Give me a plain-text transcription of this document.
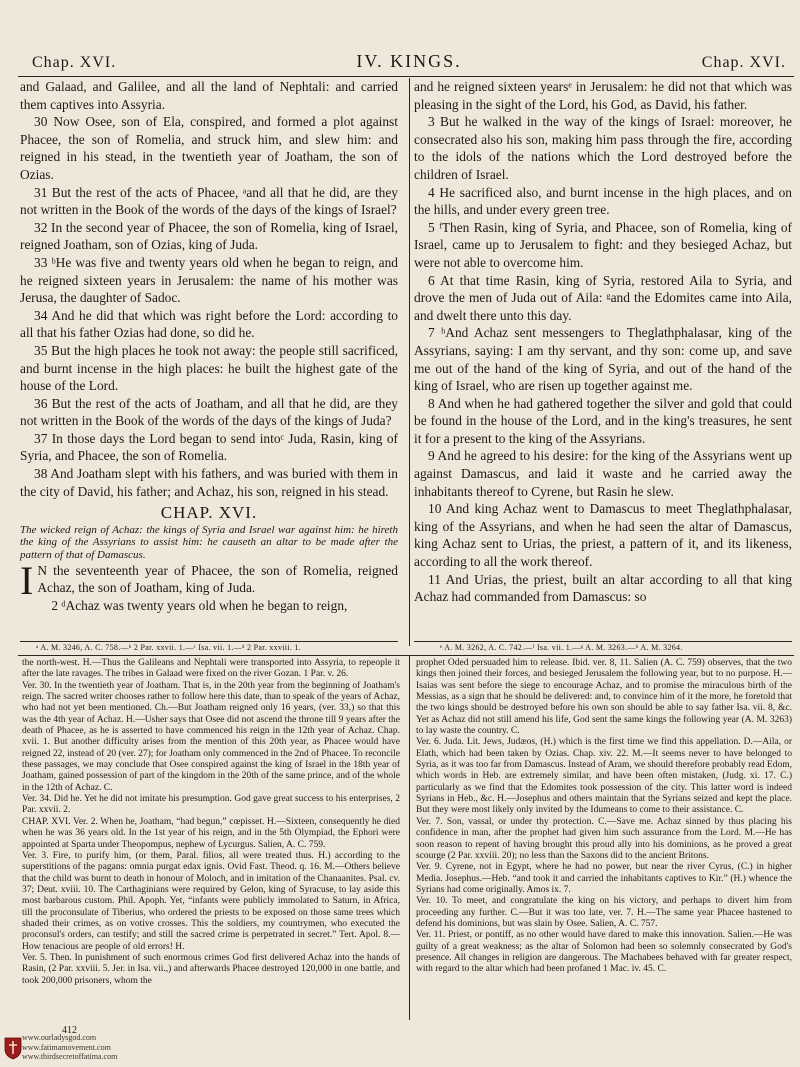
Chap. XVI.	IV. KINGS.	Chap. XVI.

and Galaad, and Galilee, and all the land of Nephtali: and carried them captives into Assyria.

30 Now Osee, son of Ela, conspired, and formed a plot against Phacee, the son of Romelia, and struck him, and slew him: and reigned in his stead, in the twentieth year of Joatham, the son of Ozias.

31 But the rest of the acts of Phacee, ᵃand all that he did, are they not written in the Book of the words of the days of the kings of Israel?

32 In the second year of Phacee, the son of Romelia, king of Israel, reigned Joatham, son of Ozias, king of Juda.

33 ᵇHe was five and twenty years old when he began to reign, and he reigned sixteen years in Jerusalem: the name of his mother was Jerusa, the daughter of Sadoc.

34 And he did that which was right before the Lord: according to all that his father Ozias had done, so did he.

35 But the high places he took not away: the people still sacrificed, and burnt incense in the high places: he built the highest gate of the house of the Lord.

36 But the rest of the acts of Joatham, and all that he did, are they not written in the Book of the words of the days of the kings of Juda?

37 In those days the Lord began to send intoᶜ Juda, Rasin, king of Syria, and Phacee, the son of Romelia.

38 And Joatham slept with his fathers, and was buried with them in the city of David, his father; and Achaz, his son, reigned in his stead.

CHAP. XVI.

The wicked reign of Achaz: the kings of Syria and Israel war against him: he hireth the king of the Assyrians to assist him: he causeth an altar to be made after the pattern of that of Damascus.

I N the seventeenth year of Phacee, the son of Romelia, reigned Achaz, the son of Joatham, king of Juda.

2 ᵈAchaz was twenty years old when he began to reign,

and he reigned sixteen yearsᵉ in Jerusalem: he did not that which was pleasing in the sight of the Lord, his God, as David, his father.

3 But he walked in the way of the kings of Israel: moreover, he consecrated also his son, making him pass through the fire, according to the idols of the nations which the Lord destroyed before the children of Israel.

4 He sacrificed also, and burnt incense in the high places, and on the hills, and under every green tree.

5 ᶠThen Rasin, king of Syria, and Phacee, son of Romelia, king of Israel, came up to Jerusalem to fight: and they besieged Achaz, but were not able to overcome him.

6 At that time Rasin, king of Syria, restored Aila to Syria, and drove the men of Juda out of Aila: ᵍand the Edomites came into Aila, and dwelt there unto this day.

7 ʰAnd Achaz sent messengers to Theglathphalasar, king of the Assyrians, saying: I am thy servant, and thy son: come up, and save me out of the hand of the king of Syria, and out of the hand of the king of Israel, who are risen up together against me.

8 And when he had gathered together the silver and gold that could be found in the house of the Lord, and in the king's treasures, he sent it for a present to the king of the Assyrians.

9 And he agreed to his desire: for the king of the Assyrians went up against Damascus, and laid it waste and he carried away the inhabitants thereof to Cyrene, but Rasin he slew.

10 And king Achaz went to Damascus to meet Theglathphalasar, king of the Assyrians, and when he had seen the altar of Damascus, king Achaz sent to Urias, the priest, a pattern of it, and its likeness, according to all the work thereof.

11 And Urias, the priest, built an altar according to all that king Achaz had commanded from Damascus: so

ᵃ A. M. 3246, A. C. 758.—ᵇ 2 Par. xxvii. 1.—ᶜ Isa. vii. 1.—ᵈ 2 Par. xxviii. 1.	ᵉ A. M. 3262, A. C. 742.—ᶠ Isa. vii. 1.—ᵍ A. M. 3263.—ʰ A. M. 3264.

the north-west. H.—Thus the Galileans and Nephtali were transported into Assyria, to repeople it after the late ravages. The tribes in Galaad were fixed on the river Gozan. 1 Par. v. 26.

Ver. 30. In the twentieth year of Joatham. That is, in the 20th year from the beginning of Joatham's reign. The sacred writer chooses rather to follow here this date, than to speak of the years of Achaz, who had not yet been mentioned. Ch.—But Joatham reigned only 16 years, (ver. 33,) so that this was the 4th year of Achaz. H.—Usher says that Osee did not ascend the throne till 9 years after the death of Phacee, as he is asserted to have commenced his reign in the 12th year of Achaz. Chap. xvii. 1. But another difficulty arises from the mention of this 20th year, as Phacee would have reigned 22, instead of 20 (ver. 27); for Joatham only commenced in the 2nd of Phacee. To reconcile these passages, we may conclude that Osee conspired against the king of Israel in the 18th year of Joatham, gained possession of part of the kingdom in the 20th of the same prince, and of the whole in the 12th of Achaz. C.

Ver. 34. Did he. Yet he did not imitate his presumption. God gave great success to his enterprises, 2 Par. xxvii. 2.

CHAP. XVI. Ver. 2. When he, Joatham, “had begun,” cœpisset. H.—Sixteen, consequently he died when he was 36 years old. In the 1st year of his reign, and in the 5th Olympiad, the Ephori were appointed at Sparta under Theopompus, nephew of Lycurgus. Salien, A. C. 759.

Ver. 3. Fire, to purify him, (or them, Paral. filios, all were treated thus. H.) according to the superstitions of the pagans: omnia purgat edax ignis. Ovid Fast. Theod. q. 16. M.—Others believe that the child was burnt to death in honour of Moloch, and in imitation of the Chanaanites. Psal. cv. 37; Deut. xviii. 10. The Carthaginians were required by Gelon, king of Syracuse, to lay aside this most barbarous custom. Phil. Apoph. Yet, “infants were publicly immolated to Saturn, in Africa, till the proconsulate of Tiberius, who ordered the priests to be exposed on those same trees which shaded their crimes, as on votive crosses. This the soldiers, my countrymen, who executed the proconsul's orders, can testify; and still the sacred crime is perpetrated in secret.” Tert. Apol. 8.—How tenacious are people of old errors! H.

Ver. 5. Then. In punishment of such enormous crimes God first delivered Achaz into the hands of Rasin, (2 Par. xxviii. 5. Jer. in Isa. vii.,) and afterwards Phacee destroyed 120,000 in one battle, and took 200,000 prisoners, whom the

prophet Oded persuaded him to release. Ibid. ver. 8, 11. Salien (A. C. 759) observes, that the two kings then joined their forces, and besieged Jerusalem the following year, but to no purpose. H.—Isaias was sent before the siege to encourage Achaz, and to promise the miraculous birth of the Messias, as a sign that he should be delivered: and, to convince him of it the more, he foretold that the two kings should be destroyed before his own son should be able to say father Isa. vii. 8, &c. Yet as Achaz did not still amend his life, God sent the same kings the following year (A. M. 3263) to lay waste the country. C.

Ver. 6. Juda. Lit. Jews, Judæos, (H.) which is the first time we find this appellation. D.—Aila, or Elath, which had been taken by Ozias. Chap. xiv. 22. M.—It seems never to have belonged to Syria, as it was too far from Damascus. Instead of Aram, we should therefore probably read Edom, which words in Heb. are extremely similar, and have been often mistaken, (Judg. xi. 17. C.) particularly as we find that the Edomites took possession of the city. This latter word is indeed Syrians in Heb., &c. H.—Josephus and others maintain that the Syrians seized and kept the place. But they were most likely only invited by the Idumeans to come to their assistance. C.

Ver. 7. Son, vassal, or under thy protection. C.—Save me. Achaz sinned by thus placing his confidence in man, after the prophet had given him such assurance from the Lord. M.—He has soon reason to repent of having brought this proud ally into his dominions, as he proved a great scourge (2 Par. xxviii. 20); no less than the Saxons did to the ancient Britons.

Ver. 9. Cyrene, not in Egypt, where he had no power, but near the river Cyrus, (C.) in higher Media. Josephus.—Heb. “and took it and carried the inhabitants captives to Kir.” (H.) whence the Syrians had come originally. Amos ix. 7.

Ver. 10. To meet, and congratulate the king on his victory, and perhaps to divert him from proceeding any further. C.—But it was too late, ver. 7. H.—The same year Phacee hastened to defend his dominions, but was slain by Osee. Salien, A. C. 757.

Ver. 11. Priest, or pontiff, as no other would have dared to make this innovation. Salien.—He was guilty of a great weakness; as the altar of Solomon had been so solemnly consecrated by God's presence. All changes in religion are dangerous. The Machabees behaved with far greater respect, with regard to the altar which had been profaned 1 Mac. iv. 45. C.

412
www.ourladysgod.com
www.fatimamovement.com
www.thirdsecretoffatima.com
